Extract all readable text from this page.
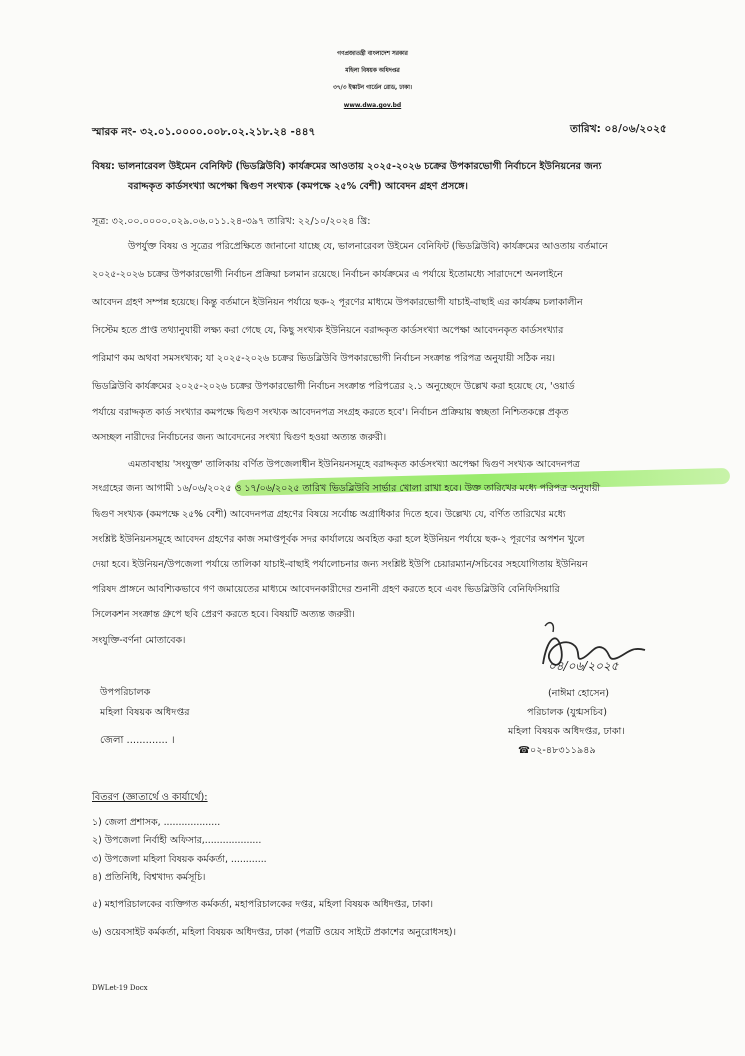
গণপ্রজাতন্ত্রী বাংলাদেশ সরকার
মহিলা বিষয়ক অধিদপ্তর
৩৭/৩ ইস্কাটন গার্ডেন রোড, ঢাকা।
www.dwa.gov.bd
স্মারক নং- ৩২.০১.০০০০.০০৮.০২.২১৮.২৪ -৪৪৭	তারিখ: ০৪/০৬/২০২৫
বিষয়: ভালনারেবল উইমেন বেনিফিট (ভিডব্লিউবি) কার্যক্রমের আওতায় ২০২৫-২০২৬ চক্রের উপকারভোগী নির্বাচনে ইউনিয়নের জন্য
বরাদ্দকৃত কার্ডসংখ্যা অপেক্ষা দ্বিগুণ সংখ্যক (কমপক্ষে ২৫% বেশী) আবেদন গ্রহণ প্রসঙ্গে।
সূত্র: ৩২.০০.০০০০.০২৯.০৬.০১১.২৪-৩৯৭ তারিখ: ২২/১০/২০২৪ খ্রি:
উপর্যুক্ত বিষয় ও সূত্রের পরিপ্রেক্ষিতে জানানো যাচ্ছে যে, ভালনারেবল উইমেন বেনিফিট (ভিডব্লিউবি) কার্যক্রমের আওতায় বর্তমানে
২০২৫-২০২৬ চক্রের উপকারভোগী নির্বাচন প্রক্রিয়া চলমান রয়েছে। নির্বাচন কার্যক্রমের এ পর্যায়ে ইতোমধ্যে সারাদেশে অনলাইনে
আবেদন গ্রহণ সম্পন্ন হয়েছে। কিন্তু বর্তমানে ইউনিয়ন পর্যায়ে ছক-২ পূরণের মাধ্যমে উপকারভোগী যাচাই-বাছাই এর কার্যক্রম চলাকালীন
সিস্টেম হতে প্রাপ্ত তথ্যানুযায়ী লক্ষ্য করা গেছে যে, কিছু সংখ্যক ইউনিয়নে বরাদ্দকৃত কার্ডসংখ্যা অপেক্ষা আবেদনকৃত কার্ডসংখ্যার
পরিমাণ কম অথবা সমসংখ্যক; যা ২০২৫-২০২৬ চক্রের ভিডব্লিউবি উপকারভোগী নির্বাচন সংক্রান্ত পরিপত্র অনুযায়ী সঠিক নয়।
ভিডব্লিউবি কার্যক্রমের ২০২৫-২০২৬ চক্রের উপকারভোগী নির্বাচন সংক্রান্ত পরিপত্রের ২.১ অনুচ্ছেদে উল্লেখ করা হয়েছে যে, 'ওয়ার্ড
পর্যায়ে বরাদ্দকৃত কার্ড সংখ্যার কমপক্ষে দ্বিগুণ সংখ্যক আবেদনপত্র সংগ্রহ করতে হবে'। নির্বাচন প্রক্রিয়ায় স্বচ্ছতা নিশ্চিতকল্পে প্রকৃত
অসচ্ছল নারীদের নির্বাচনের জন্য আবেদনের সংখ্যা দ্বিগুণ হওয়া অত্যন্ত জরুরী।
এমতাবস্থায় 'সংযুক্ত' তালিকায় বর্ণিত উপজেলাধীন ইউনিয়নসমূহে বরাদ্দকৃত কার্ডসংখ্যা অপেক্ষা দ্বিগুণ সংখ্যক আবেদনপত্র
সংগ্রহের জন্য আগামী ১৬/০৬/২০২৫ ও ১৭/০৬/২০২৫ তারিখ ভিডব্লিউবি সার্ভার খোলা রাখা হবে। উক্ত তারিখের মধ্যে পরিপত্র অনুযায়ী
দ্বিগুণ সংখ্যক (কমপক্ষে ২৫% বেশী) আবেদনপত্র গ্রহণের বিষয়ে সর্বোচ্চ অগ্রাধিকার দিতে হবে। উল্লেখ্য যে, বর্ণিত তারিখের মধ্যে
সংশ্লিষ্ট ইউনিয়নসমূহে আবেদন গ্রহণের কাজ সমাপ্তপূর্বক সদর কার্যালয়ে অবহিত করা হলে ইউনিয়ন পর্যায়ে ছক-২ পূরণের অপশন খুলে
দেয়া হবে। ইউনিয়ন/উপজেলা পর্যায়ে তালিকা যাচাই-বাছাই পর্যালোচনার জন্য সংশ্লিষ্ট ইউপি চেয়ারম্যান/সচিবের সহযোগিতায় ইউনিয়ন
পরিষদ প্রাঙ্গনে আবশ্যিকভাবে গণ জমায়েতের মাধ্যমে আবেদনকারীদের শুনানী গ্রহণ করতে হবে এবং ভিডব্লিউবি বেনিফিসিয়ারি
সিলেকশন সংক্রান্ত গ্রুপে ছবি প্রেরণ করতে হবে। বিষয়টি অত্যন্ত জরুরী।
সংযুক্তি-বর্ণনা মোতাবেক।
০৪/০৬/২০২৫
(নাঈমা হোসেন)
পরিচালক (যুগ্মসচিব)
মহিলা বিষয়ক অধিদপ্তর, ঢাকা।
☎০২-৪৮৩১১৯৪৯
উপপরিচালক
মহিলা বিষয়ক অধিদপ্তর
জেলা ............. ।
বিতরণ (জ্ঞাতার্থে ও কার্যার্থে):
১) জেলা প্রশাসক, ...................
২) উপজেলা নির্বাহী অফিসার,...................
৩) উপজেলা মহিলা বিষয়ক কর্মকর্তা, ............
৪) প্রতিনিধি, বিশ্বখাদ্য কর্মসূচি।
৫) মহাপরিচালকের ব্যক্তিগত কর্মকর্তা, মহাপরিচালকের দপ্তর, মহিলা বিষয়ক অধিদপ্তর, ঢাকা।
৬) ওয়েবসাইট কর্মকর্তা, মহিলা বিষয়ক অধিদপ্তর, ঢাকা (পত্রটি ওয়েব সাইটে প্রকাশের অনুরোধসহ)।
DWLet-19 Docx
